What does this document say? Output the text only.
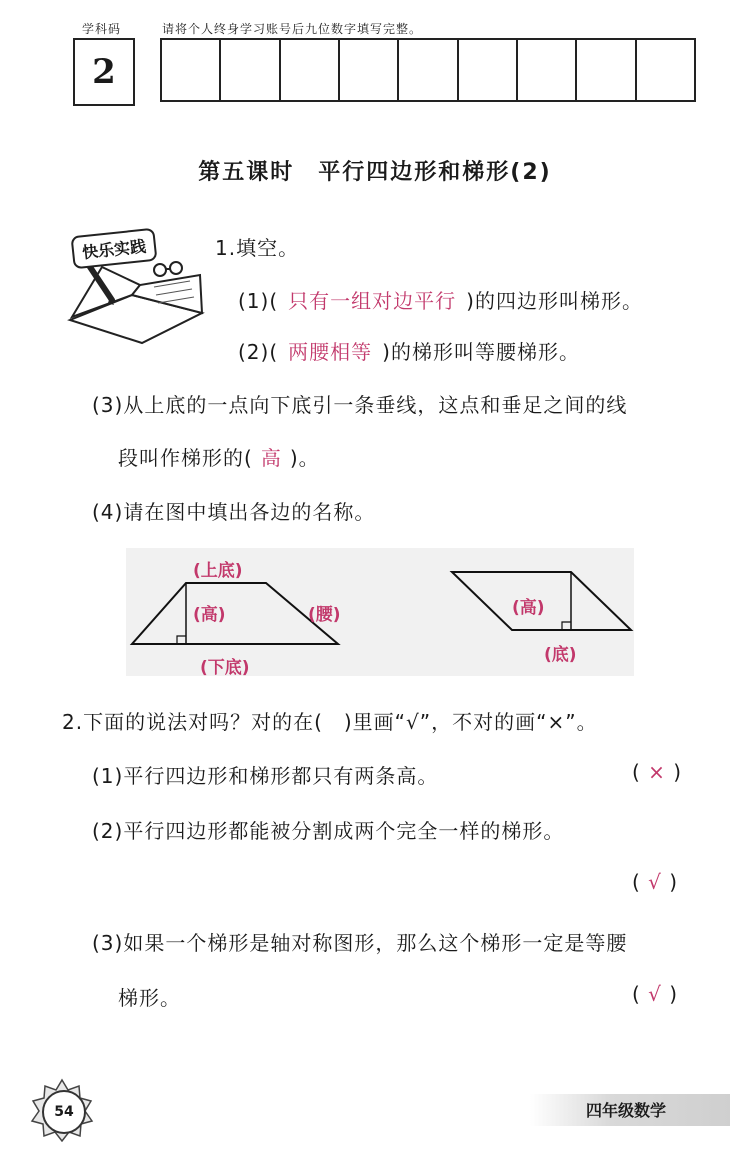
学科码	请将个人终身学习账号后九位数字填写完整。
2
第五课时　平行四边形和梯形(2)
快乐实践	1.填空。
(1)( 只有一组对边平行 )的四边形叫梯形。
(2)( 两腰相等 )的梯形叫等腰梯形。
(3)从上底的一点向下底引一条垂线，这点和垂足之间的线
段叫作梯形的( 高 )。
(4)请在图中填出各边的名称。
(上底)
(高)	(腰)
(下底)
(高)
(底)
2.下面的说法对吗？对的在(　)里画“√”，不对的画“×”。
(1)平行四边形和梯形都只有两条高。	( × )
(2)平行四边形都能被分割成两个完全一样的梯形。
( √ )
(3)如果一个梯形是轴对称图形，那么这个梯形一定是等腰
梯形。	( √ )
54	四年级数学
